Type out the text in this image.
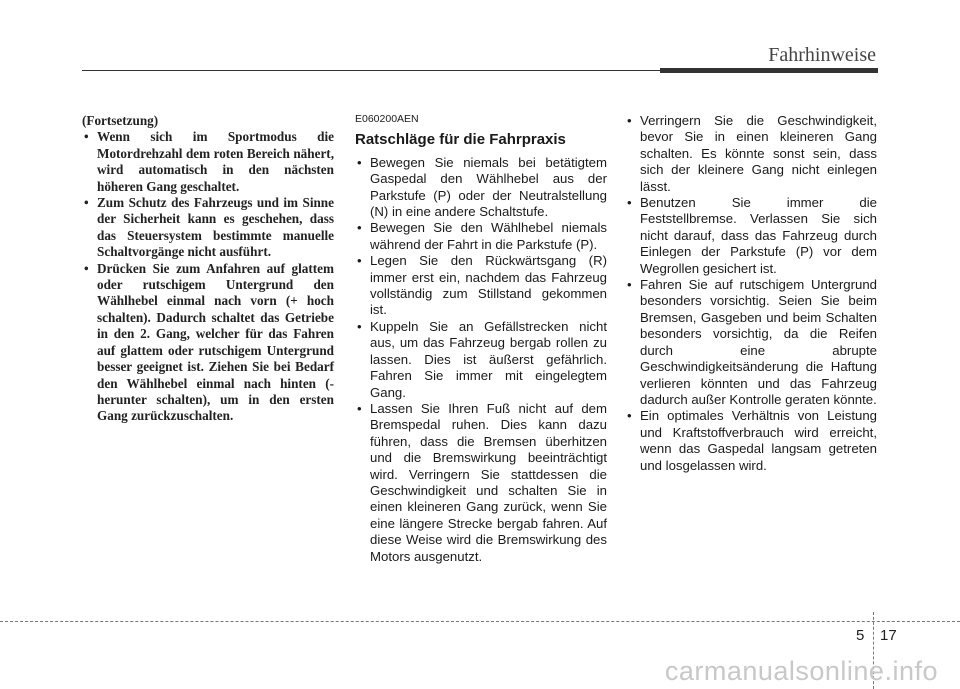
Fahrhinweise
(Fortsetzung)
• Wenn sich im Sportmodus die Motordrehzahl dem roten Bereich nähert, wird automatisch in den nächsten höheren Gang geschaltet.
• Zum Schutz des Fahrzeugs und im Sinne der Sicherheit kann es geschehen, dass das Steuersystem bestimmte manuelle Schaltvorgänge nicht ausführt.
• Drücken Sie zum Anfahren auf glattem oder rutschigem Untergrund den Wählhebel einmal nach vorn (+ hoch schalten). Dadurch schaltet das Getriebe in den 2. Gang, welcher für das Fahren auf glattem oder rutschigem Untergrund besser geeignet ist. Ziehen Sie bei Bedarf den Wählhebel einmal nach hinten (- herunter schalten), um in den ersten Gang zurückzuschalten.
E060200AEN
Ratschläge für die Fahrpraxis
• Bewegen Sie niemals bei betätigtem Gaspedal den Wählhebel aus der Parkstufe (P) oder der Neutralstellung (N) in eine andere Schaltstufe.
• Bewegen Sie den Wählhebel niemals während der Fahrt in die Parkstufe (P).
• Legen Sie den Rückwärtsgang (R) immer erst ein, nachdem das Fahrzeug vollständig zum Stillstand gekommen ist.
• Kuppeln Sie an Gefällstrecken nicht aus, um das Fahrzeug bergab rollen zu lassen. Dies ist äußerst gefährlich. Fahren Sie immer mit eingelegtem Gang.
• Lassen Sie Ihren Fuß nicht auf dem Bremspedal ruhen. Dies kann dazu führen, dass die Bremsen überhitzen und die Bremswirkung beeinträchtigt wird. Verringern Sie stattdessen die Geschwindigkeit und schalten Sie in einen kleineren Gang zurück, wenn Sie eine längere Strecke bergab fahren. Auf diese Weise wird die Bremswirkung des Motors ausgenutzt.
• Verringern Sie die Geschwindigkeit, bevor Sie in einen kleineren Gang schalten. Es könnte sonst sein, dass sich der kleinere Gang nicht einlegen lässt.
• Benutzen Sie immer die Feststellbremse. Verlassen Sie sich nicht darauf, dass das Fahrzeug durch Einlegen der Parkstufe (P) vor dem Wegrollen gesichert ist.
• Fahren Sie auf rutschigem Untergrund besonders vorsichtig. Seien Sie beim Bremsen, Gasgeben und beim Schalten besonders vorsichtig, da die Reifen durch eine abrupte Geschwindigkeitsänderung die Haftung verlieren könnten und das Fahrzeug dadurch außer Kontrolle geraten könnte.
• Ein optimales Verhältnis von Leistung und Kraftstoffverbrauch wird erreicht, wenn das Gaspedal langsam getreten und losgelassen wird.
5 17
carmanualsonline.info
